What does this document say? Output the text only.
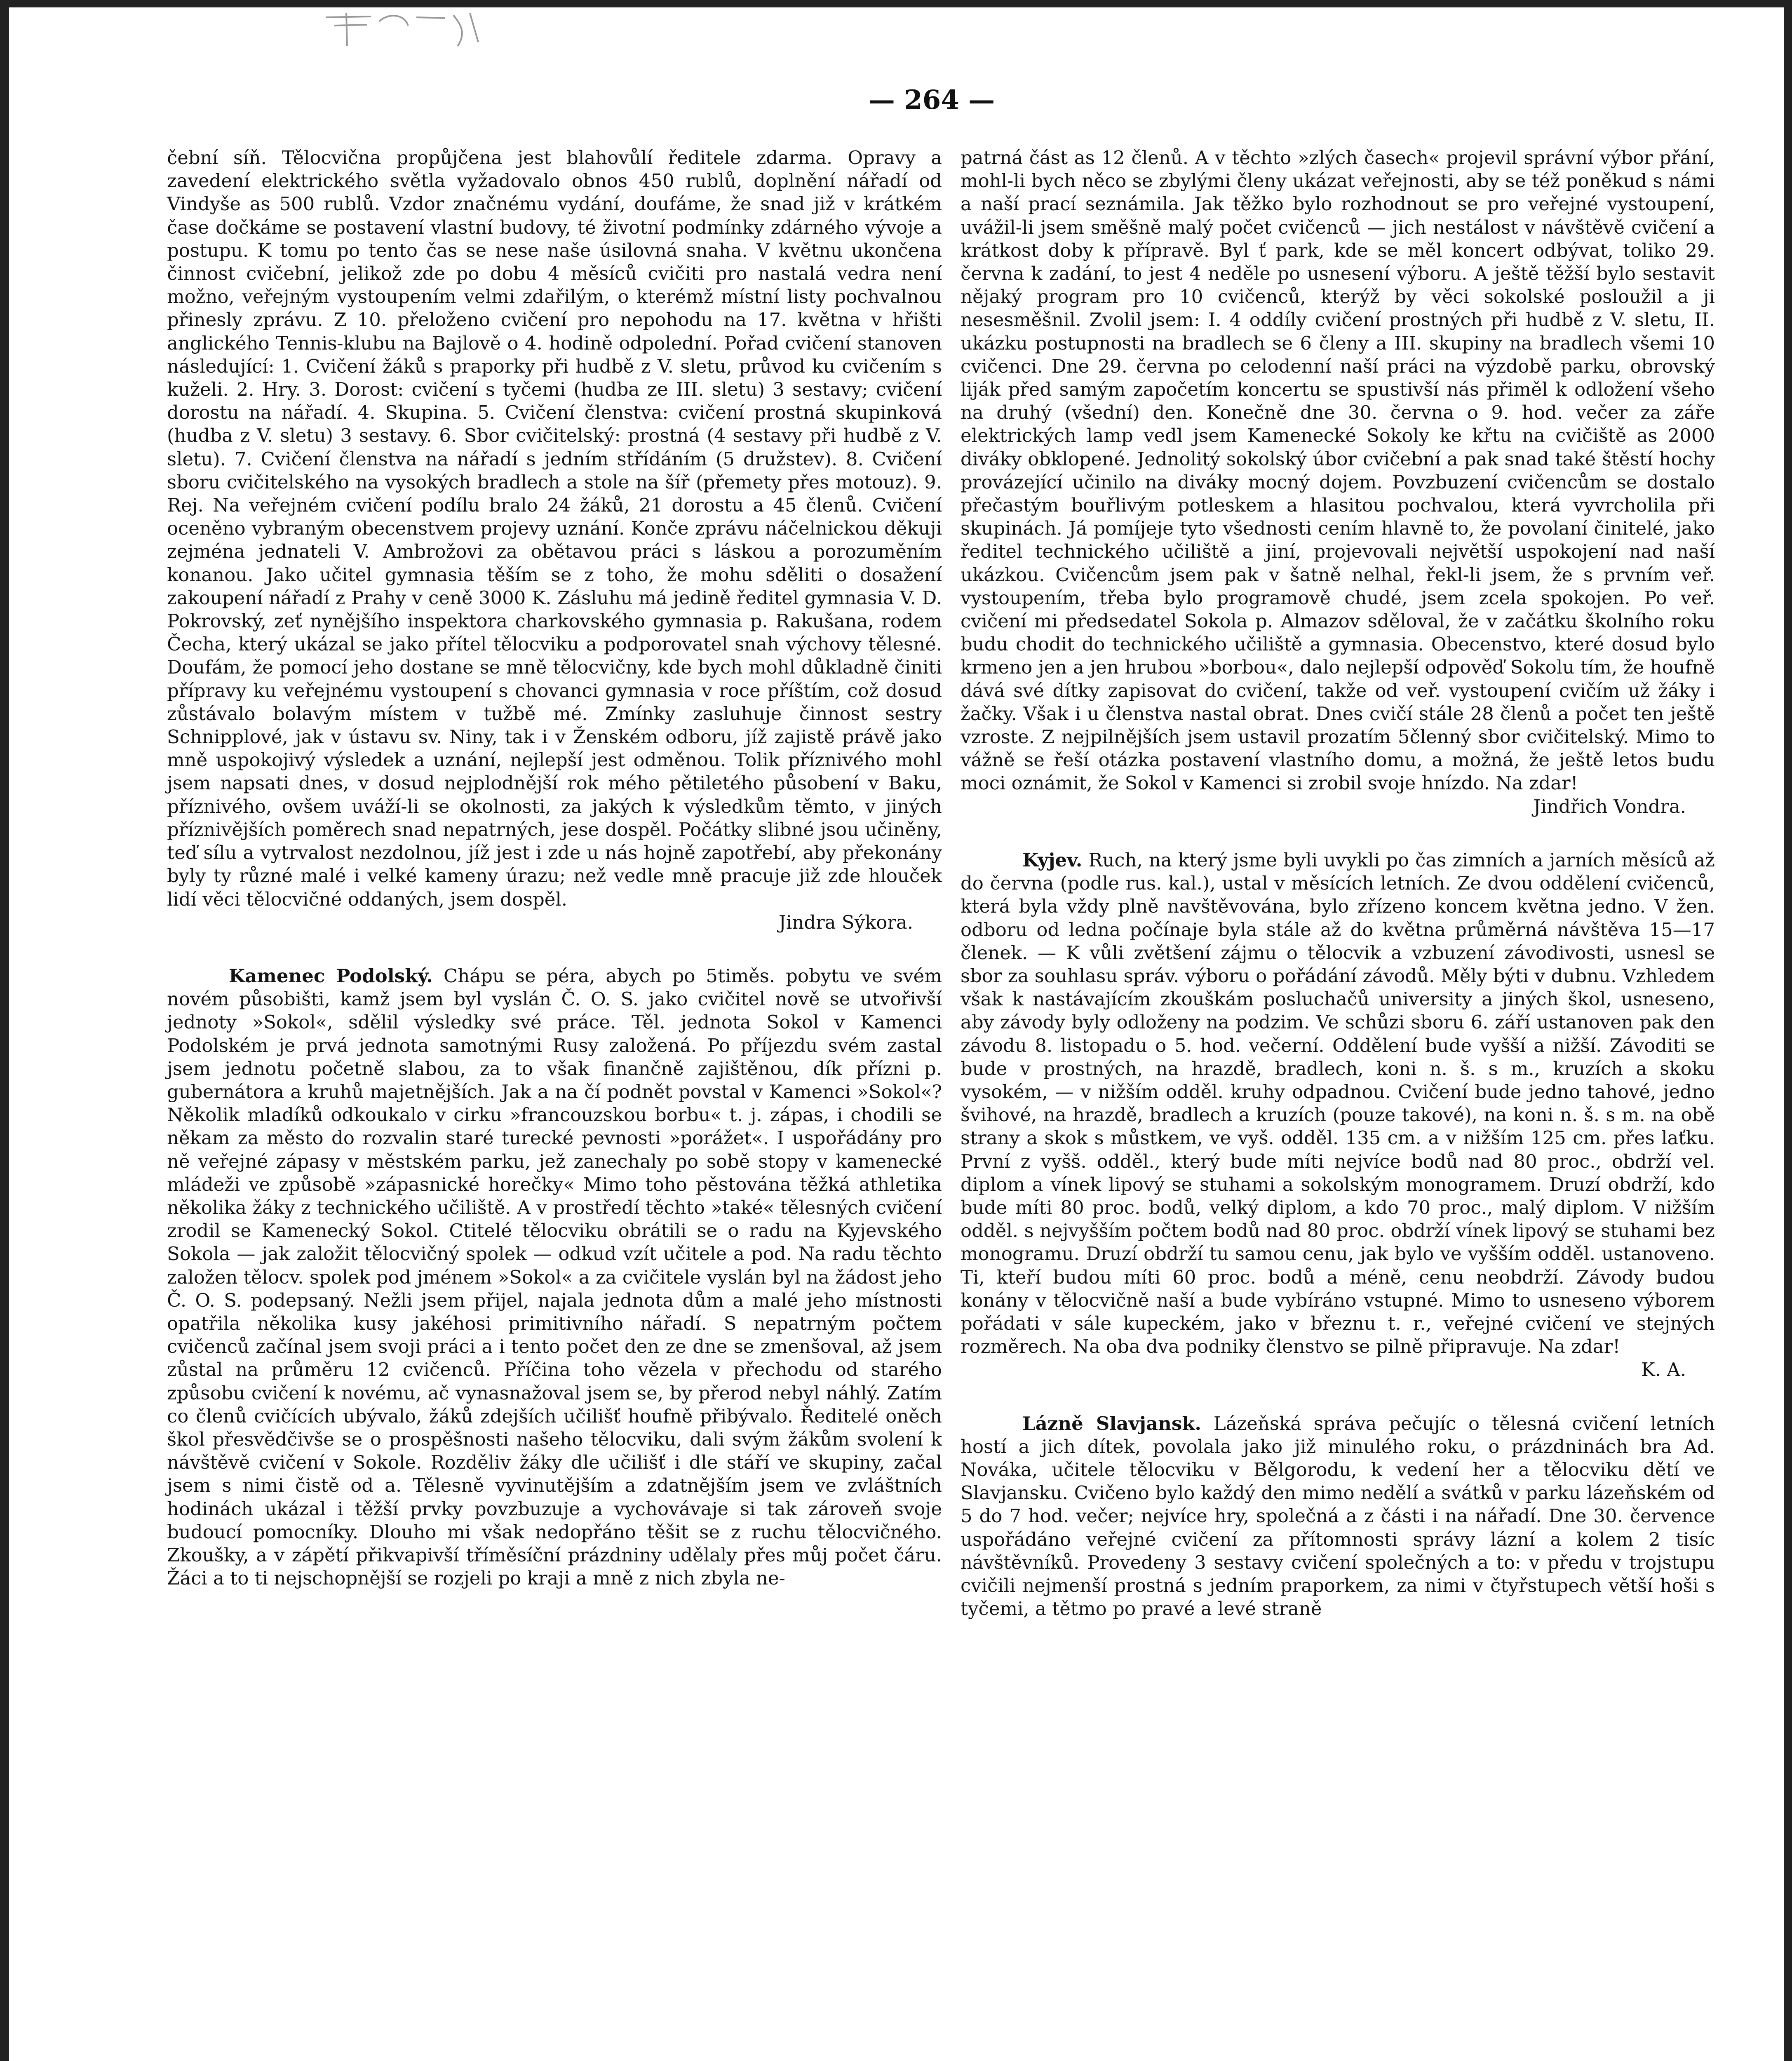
— 264 —

čební síň. Tělocvična propůjčena jest blahovůlí ředitele zdarma. Opravy a zavedení elektrického světla vyžadovalo obnos 450 rublů, doplnění nářadí od Vindyše as 500 rublů. Vzdor značnému vydání, doufáme, že snad již v krátkém čase dočkáme se postavení vlastní budovy, té životní podmínky zdárného vývoje a postupu. K tomu po tento čas se nese naše úsilovná snaha. V květnu ukončena činnost cvičební, jelikož zde po dobu 4 měsíců cvičiti pro nastalá vedra není možno, veřejným vystoupením velmi zdařilým, o kterémž místní listy pochvalnou přinesly zprávu. Z 10. přeloženo cvičení pro nepohodu na 17. května v hřišti anglického Tennis-klubu na Bajlově o 4. hodině odpolední. Pořad cvičení stanoven následující: 1. Cvičení žáků s praporky při hudbě z V. sletu, průvod ku cvičením s kuželi. 2. Hry. 3. Dorost: cvičení s tyčemi (hudba ze III. sletu) 3 sestavy; cvičení dorostu na nářadí. 4. Skupina. 5. Cvičení členstva: cvičení prostná skupinková (hudba z V. sletu) 3 sestavy. 6. Sbor cvičitelský: prostná (4 sestavy při hudbě z V. sletu). 7. Cvičení členstva na nářadí s jedním střídáním (5 družstev). 8. Cvičení sboru cvičitelského na vysokých bradlech a stole na šíř (přemety přes motouz). 9. Rej. Na veřejném cvičení podílu bralo 24 žáků, 21 dorostu a 45 členů. Cvičení oceněno vybraným obecenstvem projevy uznání. Konče zprávu náčelnickou děkuji zejména jednateli V. Ambrožovi za obětavou práci s láskou a porozuměním konanou. Jako učitel gymnasia těším se z toho, že mohu sděliti o dosažení zakoupení nářadí z Prahy v ceně 3000 K. Zásluhu má jedině ředitel gymnasia V. D. Pokrovský, zeť nynějšího inspektora charkovského gymnasia p. Rakušana, rodem Čecha, který ukázal se jako přítel tělocviku a podporovatel snah výchovy tělesné. Doufám, že pomocí jeho dostane se mně tělocvičny, kde bych mohl důkladně činiti přípravy ku veřejnému vystoupení s chovanci gymnasia v roce příštím, což dosud zůstávalo bolavým místem v tužbě mé. Zmínky zasluhuje činnost sestry Schnipplové, jak v ústavu sv. Niny, tak i v Ženském odboru, jíž zajistě právě jako mně uspokojivý výsledek a uznání, nejlepší jest odměnou. Tolik příznivého mohl jsem napsati dnes, v dosud nejplodnější rok mého pětiletého působení v Baku, příznivého, ovšem uváží-li se okolnosti, za jakých k výsledkům těmto, v jiných příznivějších poměrech snad nepatrných, jese dospěl. Počátky slibné jsou učiněny, teď sílu a vytrvalost nezdolnou, jíž jest i zde u nás hojně zapotřebí, aby překonány byly ty různé malé i velké kameny úrazu; než vedle mně pracuje již zde hlouček lidí věci tělocvičné oddaných, jsem dospěl.

Jindra Sýkora.

Kamenec Podolský. Chápu se péra, abych po 5timěs. pobytu ve svém novém působišti, kamž jsem byl vyslán Č. O. S. jako cvičitel nově se utvořivší jednoty »Sokol«, sdělil výsledky své práce. Těl. jednota Sokol v Kamenci Podolském je prvá jednota samotnými Rusy založená. Po příjezdu svém zastal jsem jednotu početně slabou, za to však finančně zajištěnou, dík přízni p. gubernátora a kruhů majetnějších. Jak a na čí podnět povstal v Kamenci »Sokol«? Několik mladíků odkoukalo v cirku »francouzskou borbu« t. j. zápas, i chodili se někam za město do rozvalin staré turecké pevnosti »porážet«. I uspořádány pro ně veřejné zápasy v městském parku, jež zanechaly po sobě stopy v kamenecké mládeži ve způsobě »zápasnické horečky« Mimo toho pěstována těžká athletika několika žáky z technického učiliště. A v prostředí těchto »také« tělesných cvičení zrodil se Kamenecký Sokol. Ctitelé tělocviku obrátili se o radu na Kyjevského Sokola — jak založit tělocvičný spolek — odkud vzít učitele a pod. Na radu těchto založen tělocv. spolek pod jménem »Sokol« a za cvičitele vyslán byl na žádost jeho Č. O. S. podepsaný. Nežli jsem přijel, najala jednota dům a malé jeho místnosti opatřila několika kusy jakéhosi primitivního nářadí. S nepatrným počtem cvičenců začínal jsem svoji práci a i tento počet den ze dne se zmenšoval, až jsem zůstal na průměru 12 cvičenců. Příčina toho vězela v přechodu od starého způsobu cvičení k novému, ač vynasnažoval jsem se, by přerod nebyl náhlý. Zatím co členů cvičících ubývalo, žáků zdejších učilišť houfně přibývalo. Ředitelé oněch škol přesvědčivše se o prospěšnosti našeho tělocviku, dali svým žákům svolení k návštěvě cvičení v Sokole. Rozděliv žáky dle učilišť i dle stáří ve skupiny, začal jsem s nimi čistě od a. Tělesně vyvinutějším a zdatnějším jsem ve zvláštních hodinách ukázal i těžší prvky povzbuzuje a vychovávaje si tak zároveň svoje budoucí pomocníky. Dlouho mi však nedopřáno těšit se z ruchu tělocvičného. Zkoušky, a v zápětí přikvapivší tříměsíční prázdniny udělaly přes můj počet čáru. Žáci a to ti nejschopnější se rozjeli po kraji a mně z nich zbyla ne-

patrná část as 12 členů. A v těchto »zlých časech« projevil správní výbor přání, mohl-li bych něco se zbylými členy ukázat veřejnosti, aby se též poněkud s námi a naší prací seznámila. Jak těžko bylo rozhodnout se pro veřejné vystoupení, uvážil-li jsem směšně malý počet cvičenců — jich nestálost v návštěvě cvičení a krátkost doby k přípravě. Byl ť park, kde se měl koncert odbývat, toliko 29. června k zadání, to jest 4 neděle po usnesení výboru. A ještě těžší bylo sestavit nějaký program pro 10 cvičenců, kterýž by věci sokolské posloužil a ji nesesměšnil. Zvolil jsem: I. 4 oddíly cvičení prostných při hudbě z V. sletu, II. ukázku postupnosti na bradlech se 6 členy a III. skupiny na bradlech všemi 10 cvičenci. Dne 29. června po celodenní naší práci na výzdobě parku, obrovský liják před samým započetím koncertu se spustivší nás přiměl k odložení všeho na druhý (všední) den. Konečně dne 30. června o 9. hod. večer za záře elektrických lamp vedl jsem Kamenecké Sokoly ke křtu na cvičiště as 2000 diváky obklopené. Jednolitý sokolský úbor cvičební a pak snad také štěstí hochy provázející učinilo na diváky mocný dojem. Povzbuzení cvičencům se dostalo přečastým bouřlivým potleskem a hlasitou pochvalou, která vyvrcholila při skupinách. Já pomíjeje tyto všednosti cením hlavně to, že povolaní činitelé, jako ředitel technického učiliště a jiní, projevovali největší uspokojení nad naší ukázkou. Cvičencům jsem pak v šatně nelhal, řekl-li jsem, že s prvním veř. vystoupením, třeba bylo programově chudé, jsem zcela spokojen. Po veř. cvičení mi předsedatel Sokola p. Almazov sděloval, že v začátku školního roku budu chodit do technického učiliště a gymnasia. Obecenstvo, které dosud bylo krmeno jen a jen hrubou »borbou«, dalo nejlepší odpověď Sokolu tím, že houfně dává své dítky zapisovat do cvičení, takže od veř. vystoupení cvičím už žáky i žačky. Však i u členstva nastal obrat. Dnes cvičí stále 28 členů a počet ten ještě vzroste. Z nejpilnějších jsem ustavil prozatím 5členný sbor cvičitelský. Mimo to vážně se řeší otázka postavení vlastního domu, a možná, že ještě letos budu moci oznámit, že Sokol v Kamenci si zrobil svoje hnízdo. Na zdar!

Jindřich Vondra.

Kyjev. Ruch, na který jsme byli uvykli po čas zimních a jarních měsíců až do června (podle rus. kal.), ustal v měsících letních. Ze dvou oddělení cvičenců, která byla vždy plně navštěvována, bylo zřízeno koncem května jedno. V žen. odboru od ledna počínaje byla stále až do května průměrná návštěva 15—17 členek. — K vůli zvětšení zájmu o tělocvik a vzbuzení závodivosti, usnesl se sbor za souhlasu správ. výboru o pořádání závodů. Měly býti v dubnu. Vzhledem však k nastávajícím zkouškám posluchačů university a jiných škol, usneseno, aby závody byly odloženy na podzim. Ve schůzi sboru 6. září ustanoven pak den závodu 8. listopadu o 5. hod. večerní. Oddělení bude vyšší a nižší. Závoditi se bude v prostných, na hrazdě, bradlech, koni n. š. s m., kruzích a skoku vysokém, — v nižším odděl. kruhy odpadnou. Cvičení bude jedno tahové, jedno švihové, na hrazdě, bradlech a kruzích (pouze takové), na koni n. š. s m. na obě strany a skok s můstkem, ve vyš. odděl. 135 cm. a v nižším 125 cm. přes laťku. První z vyšš. odděl., který bude míti nejvíce bodů nad 80 proc., obdrží vel. diplom a vínek lipový se stuhami a sokolským monogramem. Druzí obdrží, kdo bude míti 80 proc. bodů, velký diplom, a kdo 70 proc., malý diplom. V nižším odděl. s nejvyšším počtem bodů nad 80 proc. obdrží vínek lipový se stuhami bez monogramu. Druzí obdrží tu samou cenu, jak bylo ve vyšším odděl. ustanoveno. Ti, kteří budou míti 60 proc. bodů a méně, cenu neobdrží. Závody budou konány v tělocvičně naší a bude vybíráno vstupné. Mimo to usneseno výborem pořádati v sále kupeckém, jako v březnu t. r., veřejné cvičení ve stejných rozměrech. Na oba dva podniky členstvo se pilně připravuje. Na zdar!

K. A.

Lázně Slavjansk. Lázeňská správa pečujíc o tělesná cvičení letních hostí a jich dítek, povolala jako již minulého roku, o prázdninách bra Ad. Nováka, učitele tělocviku v Bělgorodu, k vedení her a tělocviku dětí ve Slavjansku. Cvičeno bylo každý den mimo nedělí a svátků v parku lázeňském od 5 do 7 hod. večer; nejvíce hry, společná a z části i na nářadí. Dne 30. července uspořádáno veřejné cvičení za přítomnosti správy lázní a kolem 2 tisíc návštěvníků. Provedeny 3 sestavy cvičení společných a to: v předu v trojstupu cvičili nejmenší prostná s jedním praporkem, za nimi v čtyřstupech větší hoši s tyčemi, a tětmo po pravé a levé straně
